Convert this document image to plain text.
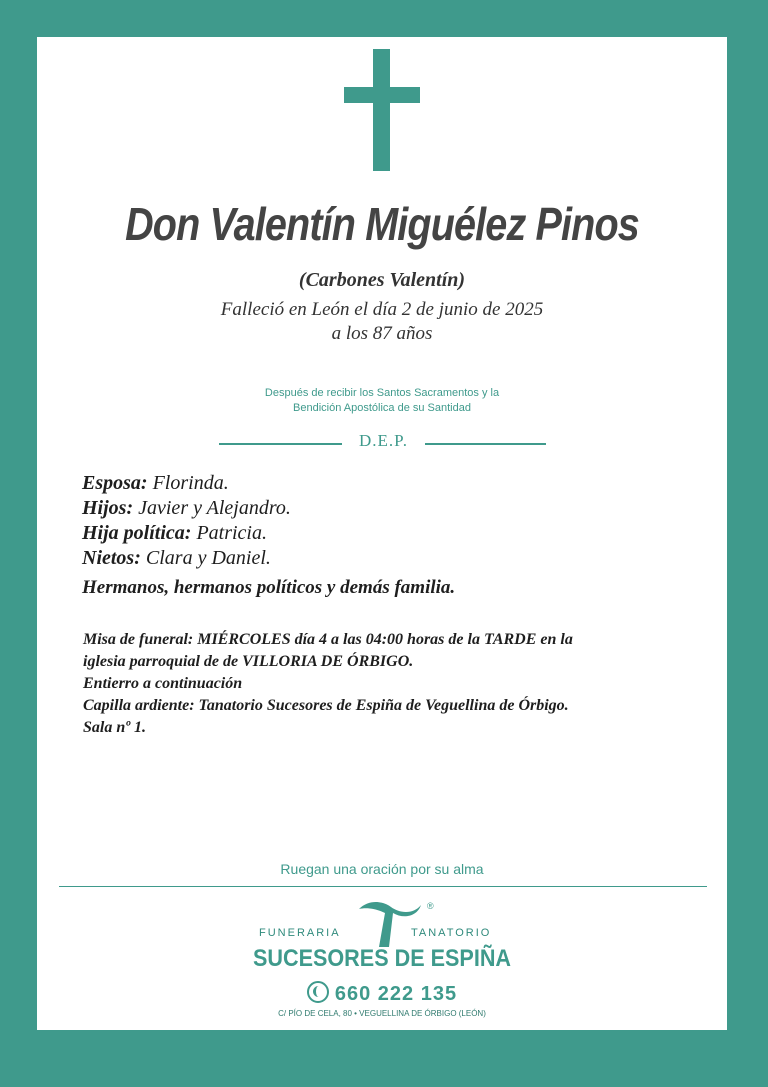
Don Valentín Miguélez Pinos
(Carbones Valentín)
Falleció en León el día 2 de junio de 2025
a los 87 años
Después de recibir los Santos Sacramentos y la
Bendición Apostólica de su Santidad
D.E.P.
Esposa: Florinda.
Hijos: Javier y Alejandro.
Hija política: Patricia.
Nietos: Clara y Daniel.
Hermanos, hermanos políticos y demás familia.
Misa de funeral: MIÉRCOLES día 4 a las 04:00 horas de la TARDE en la
iglesia parroquial de de VILLORIA DE ÓRBIGO.
Entierro a continuación
Capilla ardiente: Tanatorio Sucesores de Espiña de Veguellina de Órbigo.
Sala nº 1.
Ruegan una oración por su alma
®
FUNERARIA	TANATORIO
SUCESORES DE ESPIÑA
660 222 135
C/ PÍO DE CELA, 80 • VEGUELLINA DE ÓRBIGO (LEÓN)
